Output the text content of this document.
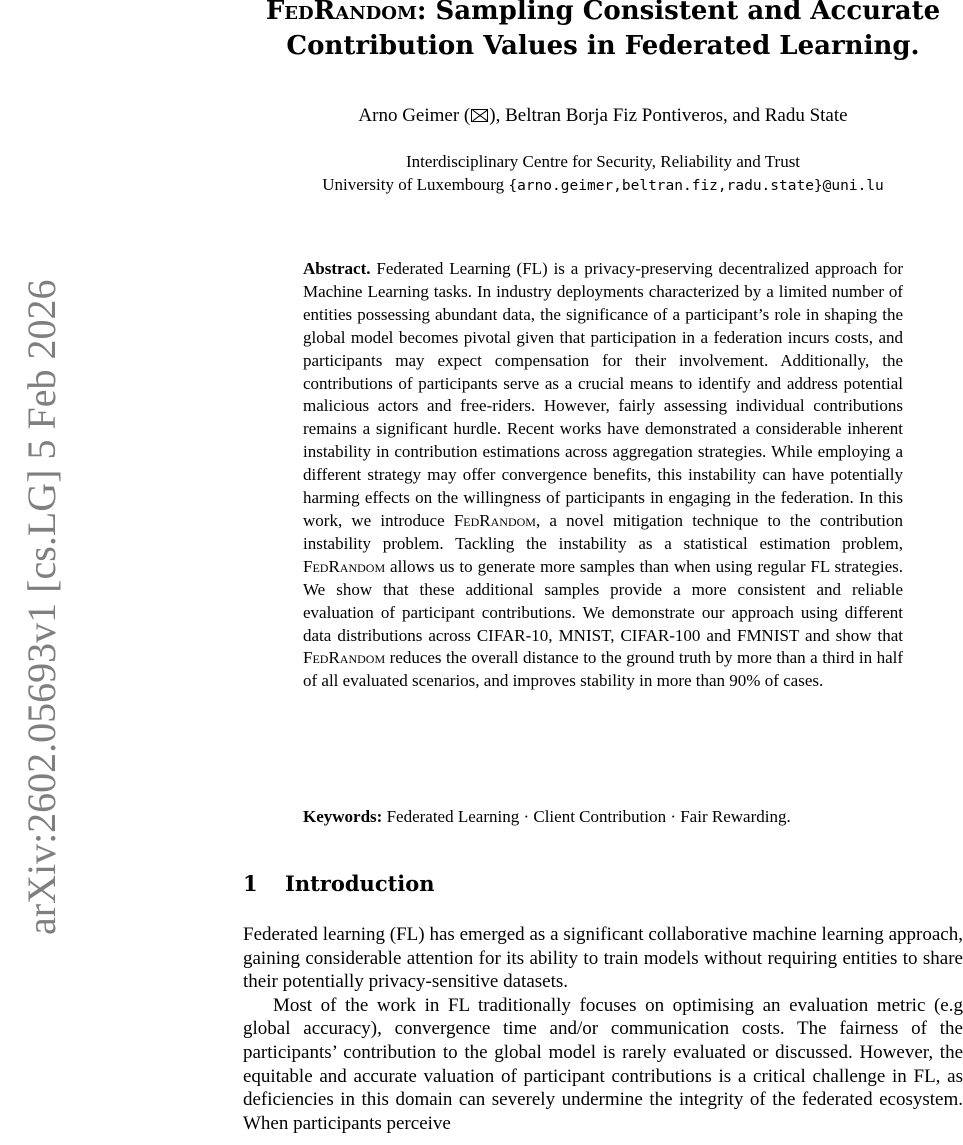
arXiv:2602.05693v1 [cs.LG] 5 Feb 2026
FedRandom: Sampling Consistent and Accurate
Contribution Values in Federated Learning.
Arno Geimer ( ), Beltran Borja Fiz Pontiveros, and Radu State
Interdisciplinary Centre for Security, Reliability and Trust
University of Luxembourg {arno.geimer,beltran.fiz,radu.state}@uni.lu

Abstract. Federated Learning (FL) is a privacy-preserving decentralized approach for Machine Learning tasks. In industry deployments characterized by a limited number of entities possessing abundant data, the significance of a participant’s role in shaping the global model becomes pivotal given that participation in a federation incurs costs, and participants may expect compensation for their involvement. Additionally, the contributions of participants serve as a crucial means to identify and address potential malicious actors and free-riders. However, fairly assessing individual contributions remains a significant hurdle. Recent works have demonstrated a considerable inherent instability in contribution estimations across aggregation strategies. While employing a different strategy may offer convergence benefits, this instability can have potentially harming effects on the willingness of participants in engaging in the federation. In this work, we introduce FedRandom, a novel mitigation technique to the contribution instability problem. Tackling the instability as a statistical estimation problem, FedRandom allows us to generate more samples than when using regular FL strategies. We show that these additional samples provide a more consistent and reliable evaluation of participant contributions. We demonstrate our approach using different data distributions across CIFAR-10, MNIST, CIFAR-100 and FMNIST and show that FedRandom reduces the overall distance to the ground truth by more than a third in half of all evaluated scenarios, and improves stability in more than 90% of cases.

Keywords: Federated Learning · Client Contribution · Fair Rewarding.
1 Introduction

Federated learning (FL) has emerged as a significant collaborative machine learning approach, gaining considerable attention for its ability to train models without requiring entities to share their potentially privacy-sensitive datasets.

Most of the work in FL traditionally focuses on optimising an evaluation metric (e.g global accuracy), convergence time and/or communication costs. The fairness of the participants’ contribution to the global model is rarely evaluated or discussed. However, the equitable and accurate valuation of participant contributions is a critical challenge in FL, as deficiencies in this domain can severely undermine the integrity of the federated ecosystem. When participants perceive
